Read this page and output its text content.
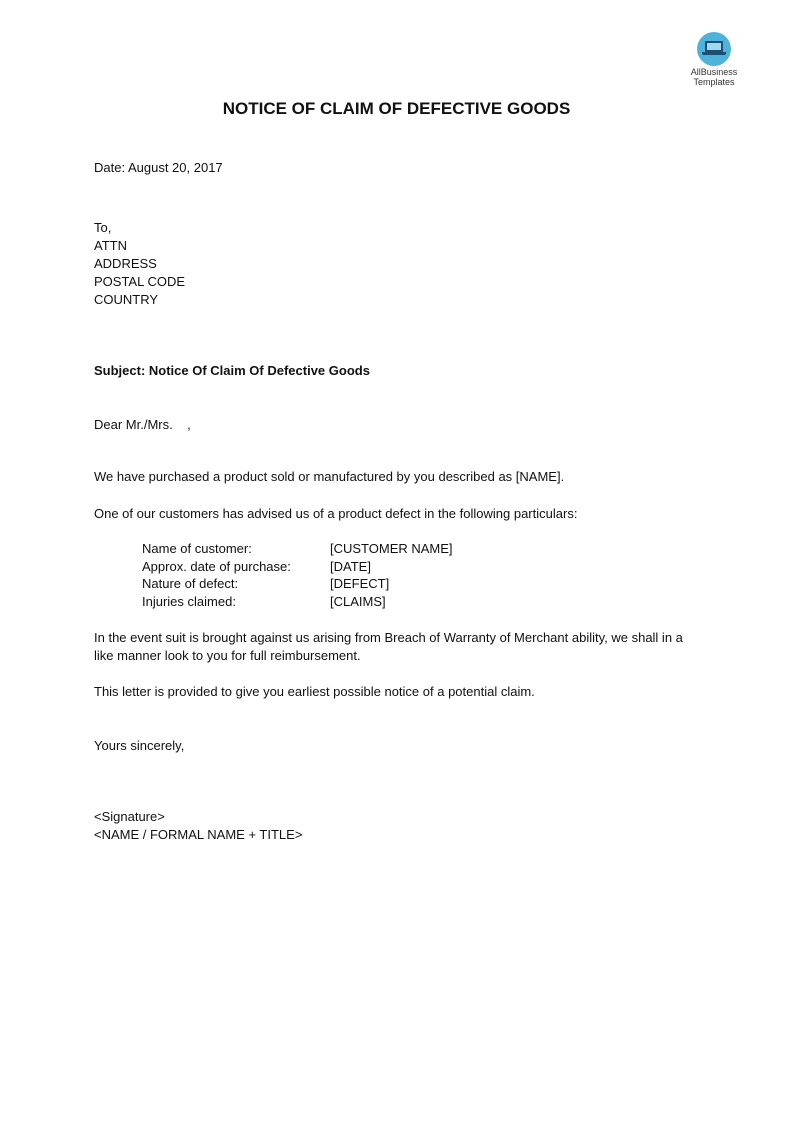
AllBusiness
Templates
NOTICE OF CLAIM OF DEFECTIVE GOODS
Date: August 20, 2017
To,
ATTN
ADDRESS
POSTAL CODE
COUNTRY
Subject: Notice Of Claim Of Defective Goods
Dear Mr./Mrs.    ,
We have purchased a product sold or manufactured by you described as [NAME].
One of our customers has advised us of a product defect in the following particulars:
Name of customer:	[CUSTOMER NAME]
Approx. date of purchase:	[DATE]
Nature of defect:	[DEFECT]
Injuries claimed:	[CLAIMS]
In the event suit is brought against us arising from Breach of Warranty of Merchant ability, we shall in a like manner look to you for full reimbursement.
This letter is provided to give you earliest possible notice of a potential claim.
Yours sincerely,
<Signature>
<NAME / FORMAL NAME + TITLE>
